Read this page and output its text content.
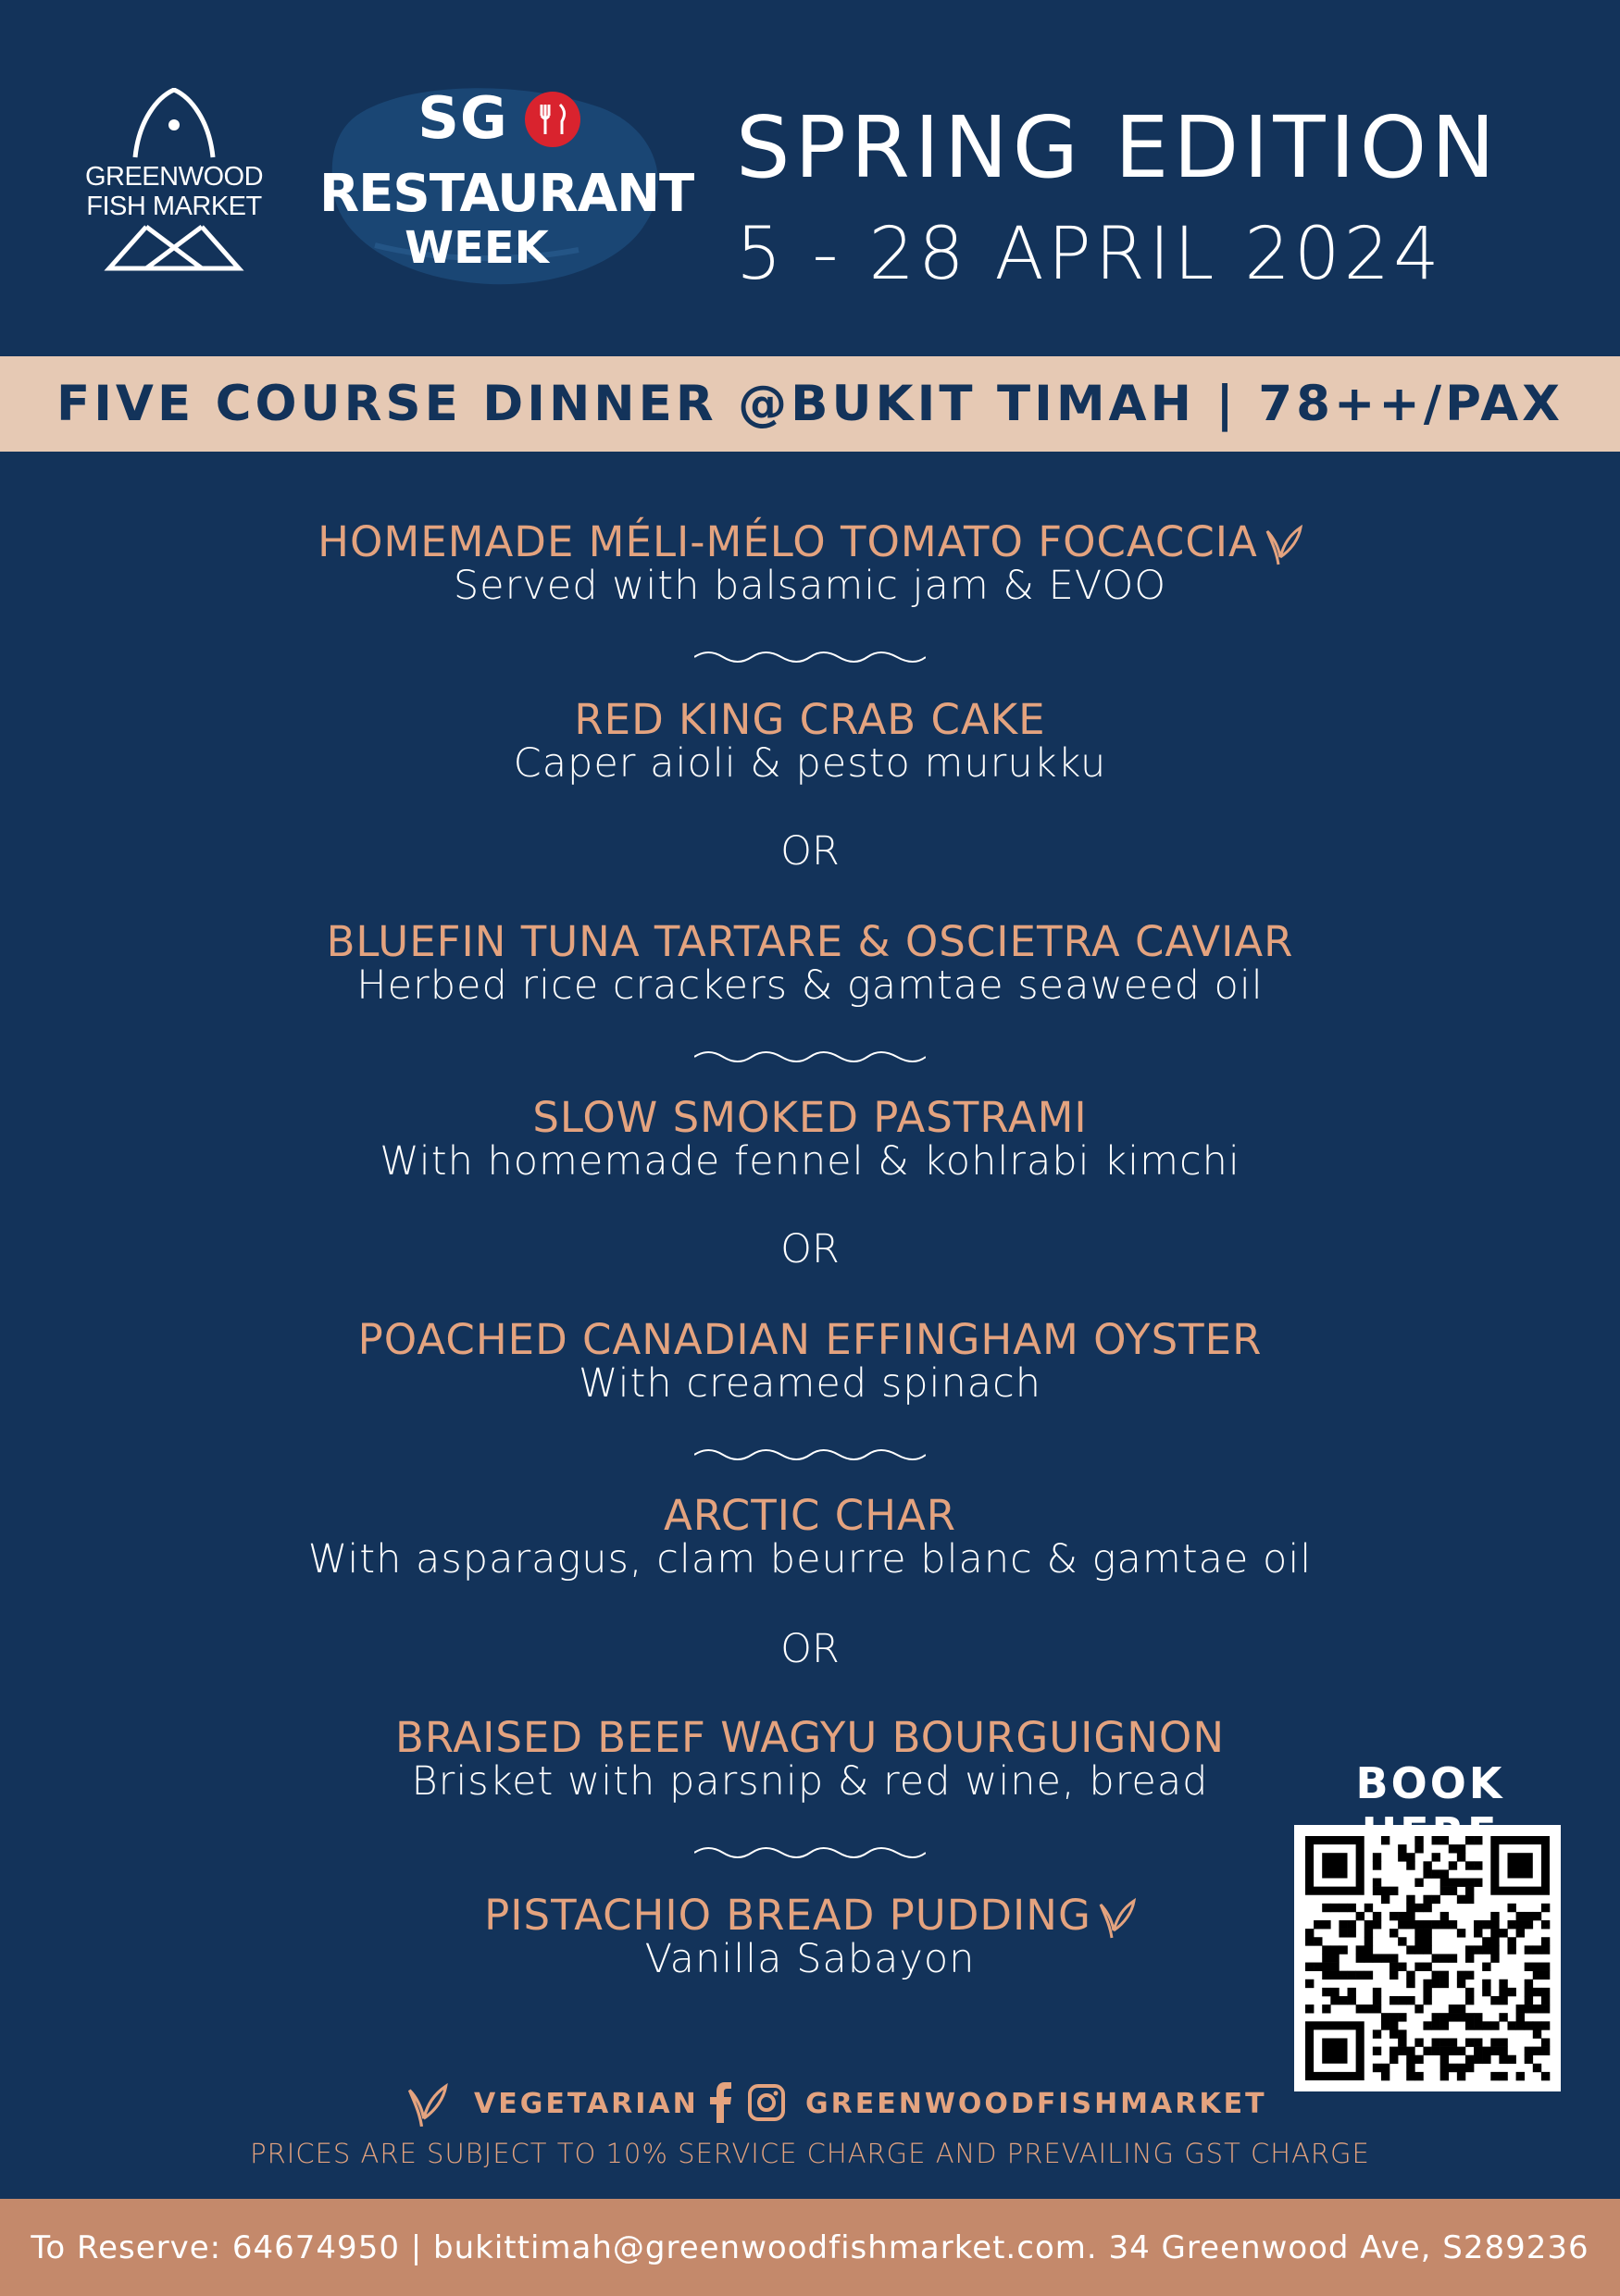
GREENWOOD
FISH MARKET
SG
RESTAURANT
WEEK
SPRING EDITION
5 - 28 APRIL 2024
FIVE COURSE DINNER @BUKIT TIMAH | 78++/PAX
HOMEMADE MÉLI-MÉLO TOMATO FOCACCIA
Served with balsamic jam & EVOO
RED KING CRAB CAKE
Caper aioli & pesto murukku
OR
BLUEFIN TUNA TARTARE & OSCIETRA CAVIAR
Herbed rice crackers & gamtae seaweed oil
SLOW SMOKED PASTRAMI
With homemade fennel & kohlrabi kimchi
OR
POACHED CANADIAN EFFINGHAM OYSTER
With creamed spinach
ARCTIC CHAR
With asparagus, clam beurre blanc & gamtae oil
OR
BRAISED BEEF WAGYU BOURGUIGNON
Brisket with parsnip & red wine, bread
PISTACHIO BREAD PUDDING
Vanilla Sabayon
BOOK
VEGETARIAN	GREENWOODFISHMARKET
PRICES ARE SUBJECT TO 10% SERVICE CHARGE AND PREVAILING GST CHARGE
To Reserve: 64674950 | bukittimah@greenwoodfishmarket.com. 34 Greenwood Ave, S289236
